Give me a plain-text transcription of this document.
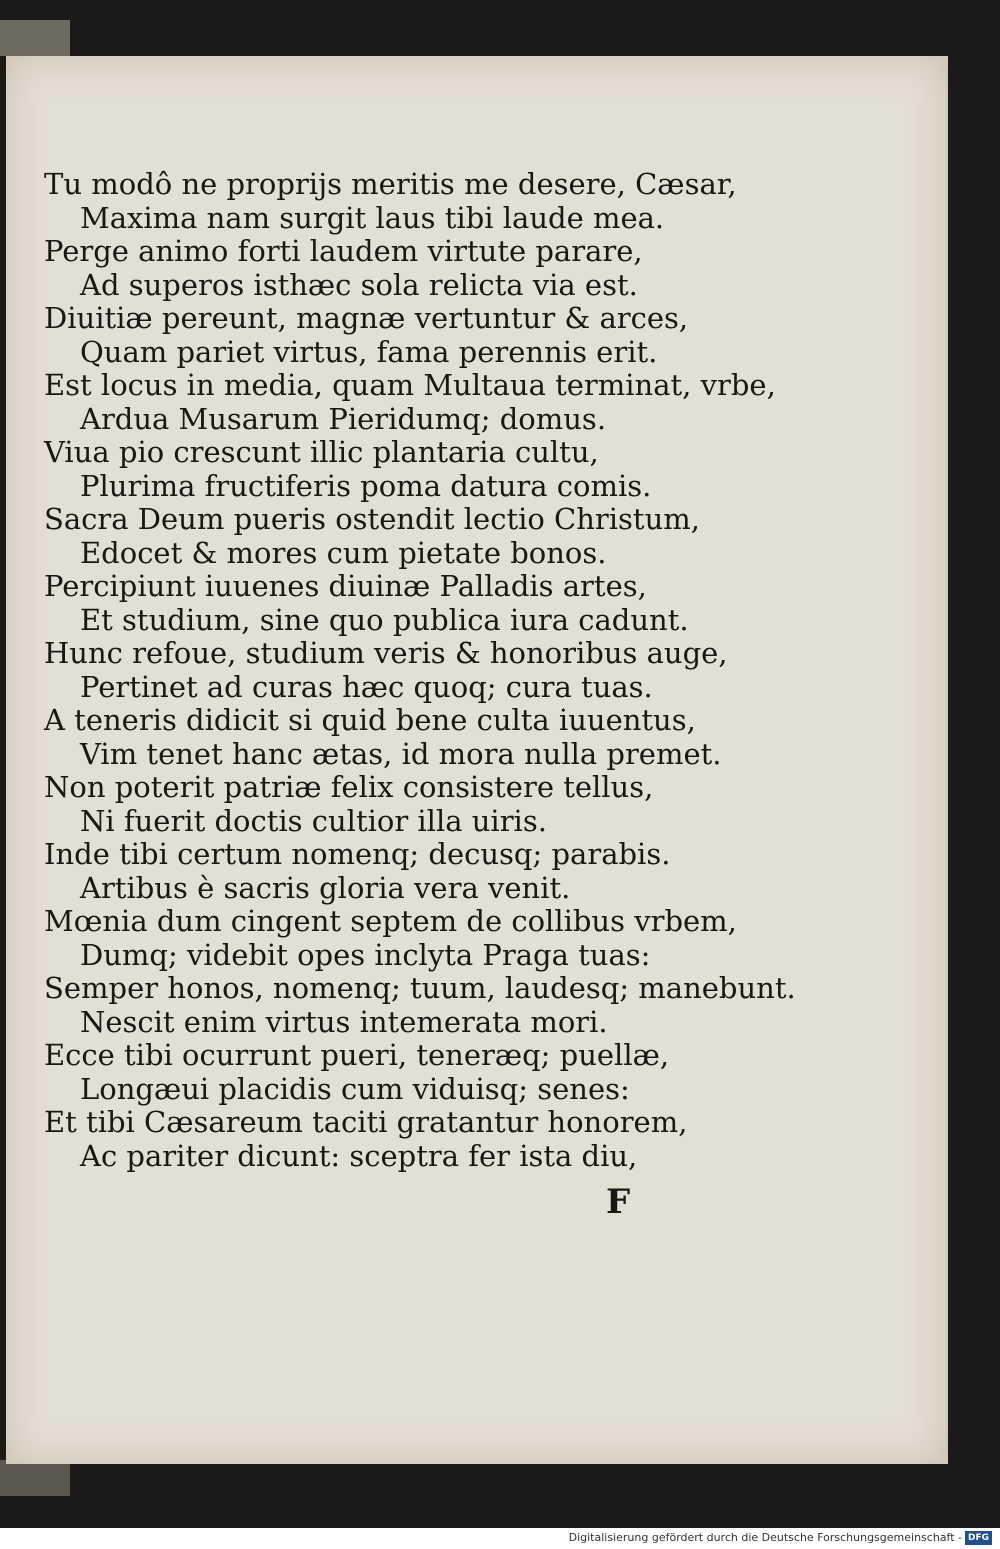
Tu modô ne proprijs meritis me desere, Cæsar,
Maxima nam surgit laus tibi laude mea.
Perge animo forti laudem virtute parare,
Ad superos isthæc sola relicta via est.
Diuitiæ pereunt, magnæ vertuntur & arces,
Quam pariet virtus, fama perennis erit.
Est locus in media, quam Multaua terminat, vrbe,
Ardua Musarum Pieridumq; domus.
Viua pio crescunt illic plantaria cultu,
Plurima fructiferis poma datura comis.
Sacra Deum pueris ostendit lectio Christum,
Edocet & mores cum pietate bonos.
Percipiunt iuuenes diuinæ Palladis artes,
Et studium, sine quo publica iura cadunt.
Hunc refoue, studium veris & honoribus auge,
Pertinet ad curas hæc quoq; cura tuas.
A teneris didicit si quid bene culta iuuentus,
Vim tenet hanc ætas, id mora nulla premet.
Non poterit patriæ felix consistere tellus,
Ni fuerit doctis cultior illa uiris.
Inde tibi certum nomenq; decusq; parabis.
Artibus è sacris gloria vera venit.
Mœnia dum cingent septem de collibus vrbem,
Dumq; videbit opes inclyta Praga tuas:
Semper honos, nomenq; tuum, laudesq; manebunt.
Nescit enim virtus intemerata mori.
Ecce tibi ocurrunt pueri, teneræq; puellæ,
Longæui placidis cum viduisq; senes:
Et tibi Cæsareum taciti gratantur honorem,
Ac pariter dicunt: sceptra fer ista diu,
F
Digitalisierung gefördert durch die Deutsche Forschungsgemeinschaft - DFG
